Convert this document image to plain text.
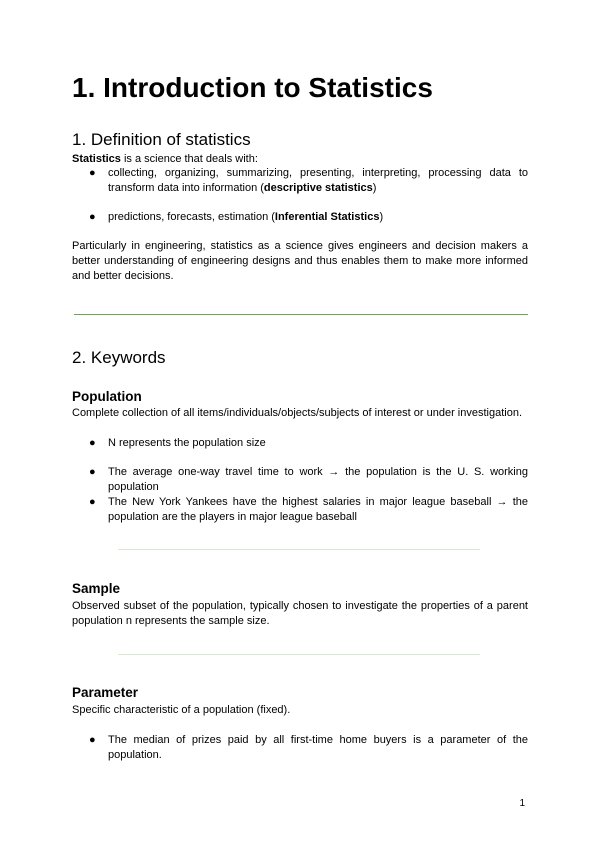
1. Introduction to Statistics
1. Definition of statistics
Statistics is a science that deals with:
● collecting, organizing, summarizing, presenting, interpreting, processing data to transform data into information (descriptive statistics)
● predictions, forecasts, estimation (Inferential Statistics)
Particularly in engineering, statistics as a science gives engineers and decision makers a better understanding of engineering designs and thus enables them to make more informed and better decisions.
2. Keywords
Population
Complete collection of all items/individuals/objects/subjects of interest or under investigation.
● N represents the population size
● The average one-way travel time to work → the population is the U. S. working population
● The New York Yankees have the highest salaries in major league baseball → the population are the players in major league baseball
Sample
Observed subset of the population, typically chosen to investigate the properties of a parent population n represents the sample size.
Parameter
Specific characteristic of a population (fixed).
● The median of prizes paid by all first-time home buyers is a parameter of the population.
1
